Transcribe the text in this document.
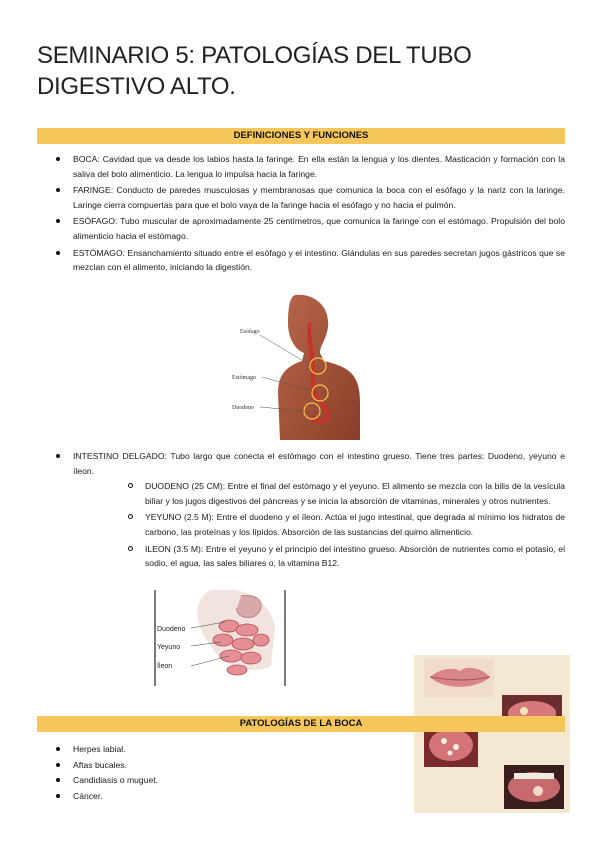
SEMINARIO 5: PATOLOGÍAS DEL TUBO DIGESTIVO ALTO.
DEFINICIONES Y FUNCIONES
BOCA: Cavidad que va desde los labios hasta la faringe. En ella están la lengua y los dientes. Masticación y formación con la saliva del bolo alimenticio. La lengua lo impulsa hacia la faringe.
FARINGE: Conducto de paredes musculosas y membranosas que comunica la boca con el esófago y la nariz con la laringe. Laringe cierra compuertas para que el bolo vaya de la faringe hacia el esófago y no hacia el pulmón.
ESÓFAGO: Tubo muscular de aproximadamente 25 centímetros, que comunica la faringe con el estómago. Propulsión del bolo alimenticio hacia el estómago.
ESTÓMAGO: Ensanchamiento situado entre el esófago y el intestino. Glándulas en sus paredes secretan jugos gástricos que se mezclan con el alimento, iniciando la digestión.
Esófago
Estómago
Duodeno
INTESTINO DELGADO: Tubo largo que conecta el estómago con el intestino grueso. Tiene tres partes: Duodeno, yeyuno e íleon.
DUODENO (25 CM): Entre el final del estómago y el yeyuno. El alimento se mezcla con la bilis de la vesícula biliar y los jugos digestivos del páncreas y se inicia la absorción de vitaminas, minerales y otros nutrientes.
YEYUNO (2.5 M): Entre el duodeno y el íleon. Actúa el jugo intestinal, que degrada al mínimo los hidratos de carbono, las proteínas y los lípidos. Absorción de las sustancias del quimo alimenticio.
ILEON (3.5 M): Entre el yeyuno y el principio del intestino grueso. Absorción de nutrientes como el potasio, el sodio, el agua, las sales biliares o, la vitamina B12.
Duodeno
Yeyuno
Íleon
PATOLOGÍAS DE LA BOCA
Herpes labial.
Aftas bucales.
Candidiasis o muguet.
Cáncer.
